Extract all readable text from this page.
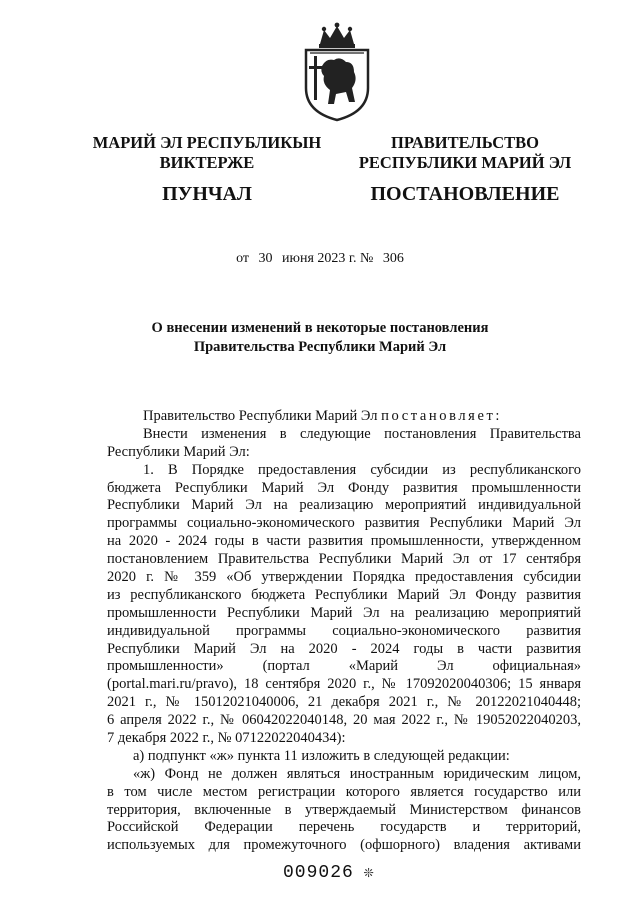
МАРИЙ ЭЛ РЕСПУБЛИКЫН
ВИКТЕРЖЕ
ПУНЧАЛ
ПРАВИТЕЛЬСТВО
РЕСПУБЛИКИ МАРИЙ ЭЛ
ПОСТАНОВЛЕНИЕ
от 30 июня 2023 г. № 306
О внесении изменений в некоторые постановления
Правительства Республики Марий Эл
Правительство Республики Марий Эл постановляет:
Внести изменения в следующие постановления Правительства
Республики Марий Эл:
1. В Порядке предоставления субсидии из республиканского
бюджета Республики Марий Эл Фонду развития промышленности
Республики Марий Эл на реализацию мероприятий индивидуальной
программы социально-экономического развития Республики Марий Эл
на 2020 - 2024 годы в части развития промышленности, утвержденном
постановлением Правительства Республики Марий Эл от 17 сентября
2020 г. № 359 «Об утверждении Порядка предоставления субсидии
из республиканского бюджета Республики Марий Эл Фонду развития
промышленности Республики Марий Эл на реализацию мероприятий
индивидуальной программы социально-экономического развития
Республики Марий Эл на 2020 - 2024 годы в части развития
промышленности» (портал «Марий Эл официальная»
(portal.mari.ru/pravo), 18 сентября 2020 г., № 17092020040306; 15 января
2021 г., № 15012021040006, 21 декабря 2021 г., № 20122021040448;
6 апреля 2022 г., № 06042022040148, 20 мая 2022 г., № 19052022040203,
7 декабря 2022 г., № 07122022040434):
а) подпункт «ж» пункта 11 изложить в следующей редакции:
«ж) Фонд не должен являться иностранным юридическим лицом,
в том числе местом регистрации которого является государство или
территория, включенные в утверждаемый Министерством финансов
Российской Федерации перечень государств и территорий,
используемых для промежуточного (офшорного) владения активами
009026 ❊
